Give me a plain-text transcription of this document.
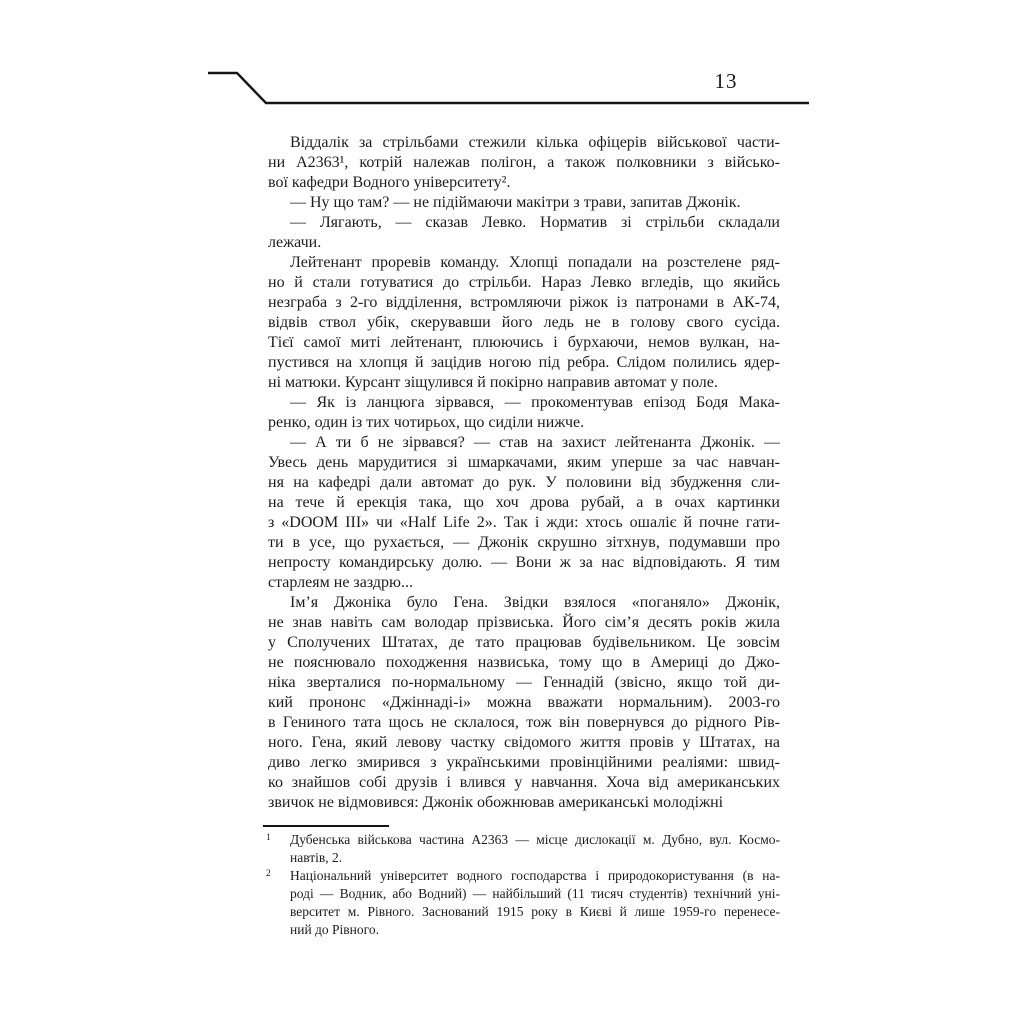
13
Віддалік за стрільбами стежили кілька офіцерів військової части-
ни А2363¹, котрій належав полігон, а також полковники з військо-
вої кафедри Водного університету².
— Ну що там? — не підіймаючи макітри з трави, запитав Джонік.
— Лягають, — сказав Левко. Норматив зі стрільби складали
лежачи.
Лейтенант проревів команду. Хлопці попадали на розстелене ряд-
но й стали готуватися до стрільби. Нараз Левко вгледів, що якийсь
незграба з 2-го відділення, встромляючи ріжок із патронами в АК-74,
відвів ствол убік, скерувавши його ледь не в голову свого сусіда.
Тієї самої миті лейтенант, плюючись і бурхаючи, немов вулкан, на-
пустився на хлопця й зацідив ногою під ребра. Слідом полились ядер-
ні матюки. Курсант зіщулився й покірно направив автомат у поле.
— Як із ланцюга зірвався, — прокоментував епізод Бодя Мака-
ренко, один із тих чотирьох, що сиділи нижче.
— А ти б не зірвався? — став на захист лейтенанта Джонік. —
Увесь день марудитися зі шмаркачами, яким уперше за час навчан-
ня на кафедрі дали автомат до рук. У половини від збудження сли-
на тече й ерекція така, що хоч дрова рубай, а в очах картинки
з «DOOM III» чи «Half Life 2». Так і жди: хтось ошаліє й почне гати-
ти в усе, що рухається, — Джонік скрушно зітхнув, подумавши про
непросту командирську долю. — Вони ж за нас відповідають. Я тим
старлеям не заздрю...
Ім’я Джоніка було Гена. Звідки взялося «поганяло» Джонік,
не знав навіть сам володар прізвиська. Його сім’я десять років жила
у Сполучених Штатах, де тато працював будівельником. Це зовсім
не пояснювало походження назвиська, тому що в Америці до Джо-
ніка зверталися по-нормальному — Геннадій (звісно, якщо той ди-
кий прононс «Джіннаді-і» можна вважати нормальним). 2003-го
в Гениного тата щось не склалося, тож він повернувся до рідного Рів-
ного. Гена, який левову частку свідомого життя провів у Штатах, на
диво легко змирився з українськими провінційними реаліями: швид-
ко знайшов собі друзів і влився у навчання. Хоча від американських
звичок не відмовився: Джонік обожнював американські молодіжні
1 Дубенська військова частина А2363 — місце дислокації м. Дубно, вул. Космо-
навтів, 2.
2 Національний університет водного господарства і природокористування (в на-
роді — Водник, або Водний) — найбільший (11 тисяч студентів) технічний уні-
верситет м. Рівного. Заснований 1915 року в Києві й лише 1959-го перенесе-
ний до Рівного.
